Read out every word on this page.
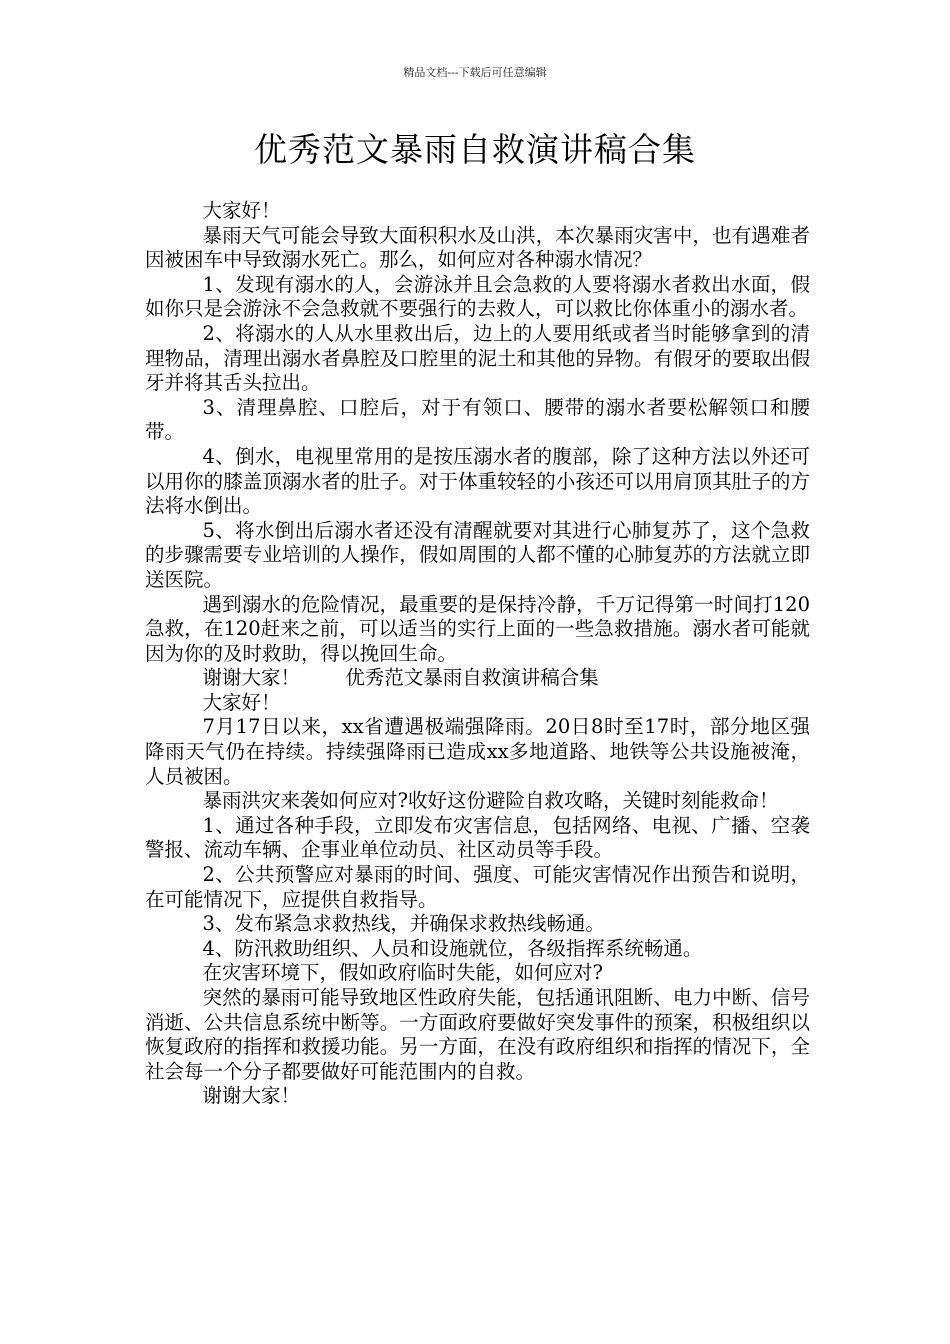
精品文档---下载后可任意编辑
优秀范文暴雨自救演讲稿合集

大家好！

暴雨天气可能会导致大面积积水及山洪，本次暴雨灾害中，也有遇难者因被困车中导致溺水死亡。那么，如何应对各种溺水情况？

1、发现有溺水的人，会游泳并且会急救的人要将溺水者救出水面，假如你只是会游泳不会急救就不要强行的去救人，可以救比你体重小的溺水者。

2、将溺水的人从水里救出后，边上的人要用纸或者当时能够拿到的清理物品，清理出溺水者鼻腔及口腔里的泥土和其他的异物。有假牙的要取出假牙并将其舌头拉出。

3、清理鼻腔、口腔后，对于有领口、腰带的溺水者要松解领口和腰带。

4、倒水，电视里常用的是按压溺水者的腹部，除了这种方法以外还可以用你的膝盖顶溺水者的肚子。对于体重较轻的小孩还可以用肩顶其肚子的方法将水倒出。

5、将水倒出后溺水者还没有清醒就要对其进行心肺复苏了，这个急救的步骤需要专业培训的人操作，假如周围的人都不懂的心肺复苏的方法就立即送医院。

遇到溺水的危险情况，最重要的是保持冷静，千万记得第一时间打120急救，在120赶来之前，可以适当的实行上面的一些急救措施。溺水者可能就因为你的及时救助，得以挽回生命。

谢谢大家！　　 优秀范文暴雨自救演讲稿合集

大家好！

7月17日以来，xx省遭遇极端强降雨。20日8时至17时，部分地区强降雨天气仍在持续。持续强降雨已造成xx多地道路、地铁等公共设施被淹，人员被困。

暴雨洪灾来袭如何应对?收好这份避险自救攻略，关键时刻能救命！

1、通过各种手段，立即发布灾害信息，包括网络、电视、广播、空袭警报、流动车辆、企事业单位动员、社区动员等手段。

2、公共预警应对暴雨的时间、强度、可能灾害情况作出预告和说明，在可能情况下，应提供自救指导。

3、发布紧急求救热线，并确保求救热线畅通。

4、防汛救助组织、人员和设施就位，各级指挥系统畅通。

在灾害环境下，假如政府临时失能，如何应对?

突然的暴雨可能导致地区性政府失能，包括通讯阻断、电力中断、信号消逝、公共信息系统中断等。一方面政府要做好突发事件的预案，积极组织以恢复政府的指挥和救援功能。另一方面，在没有政府组织和指挥的情况下，全社会每一个分子都要做好可能范围内的自救。

谢谢大家！
